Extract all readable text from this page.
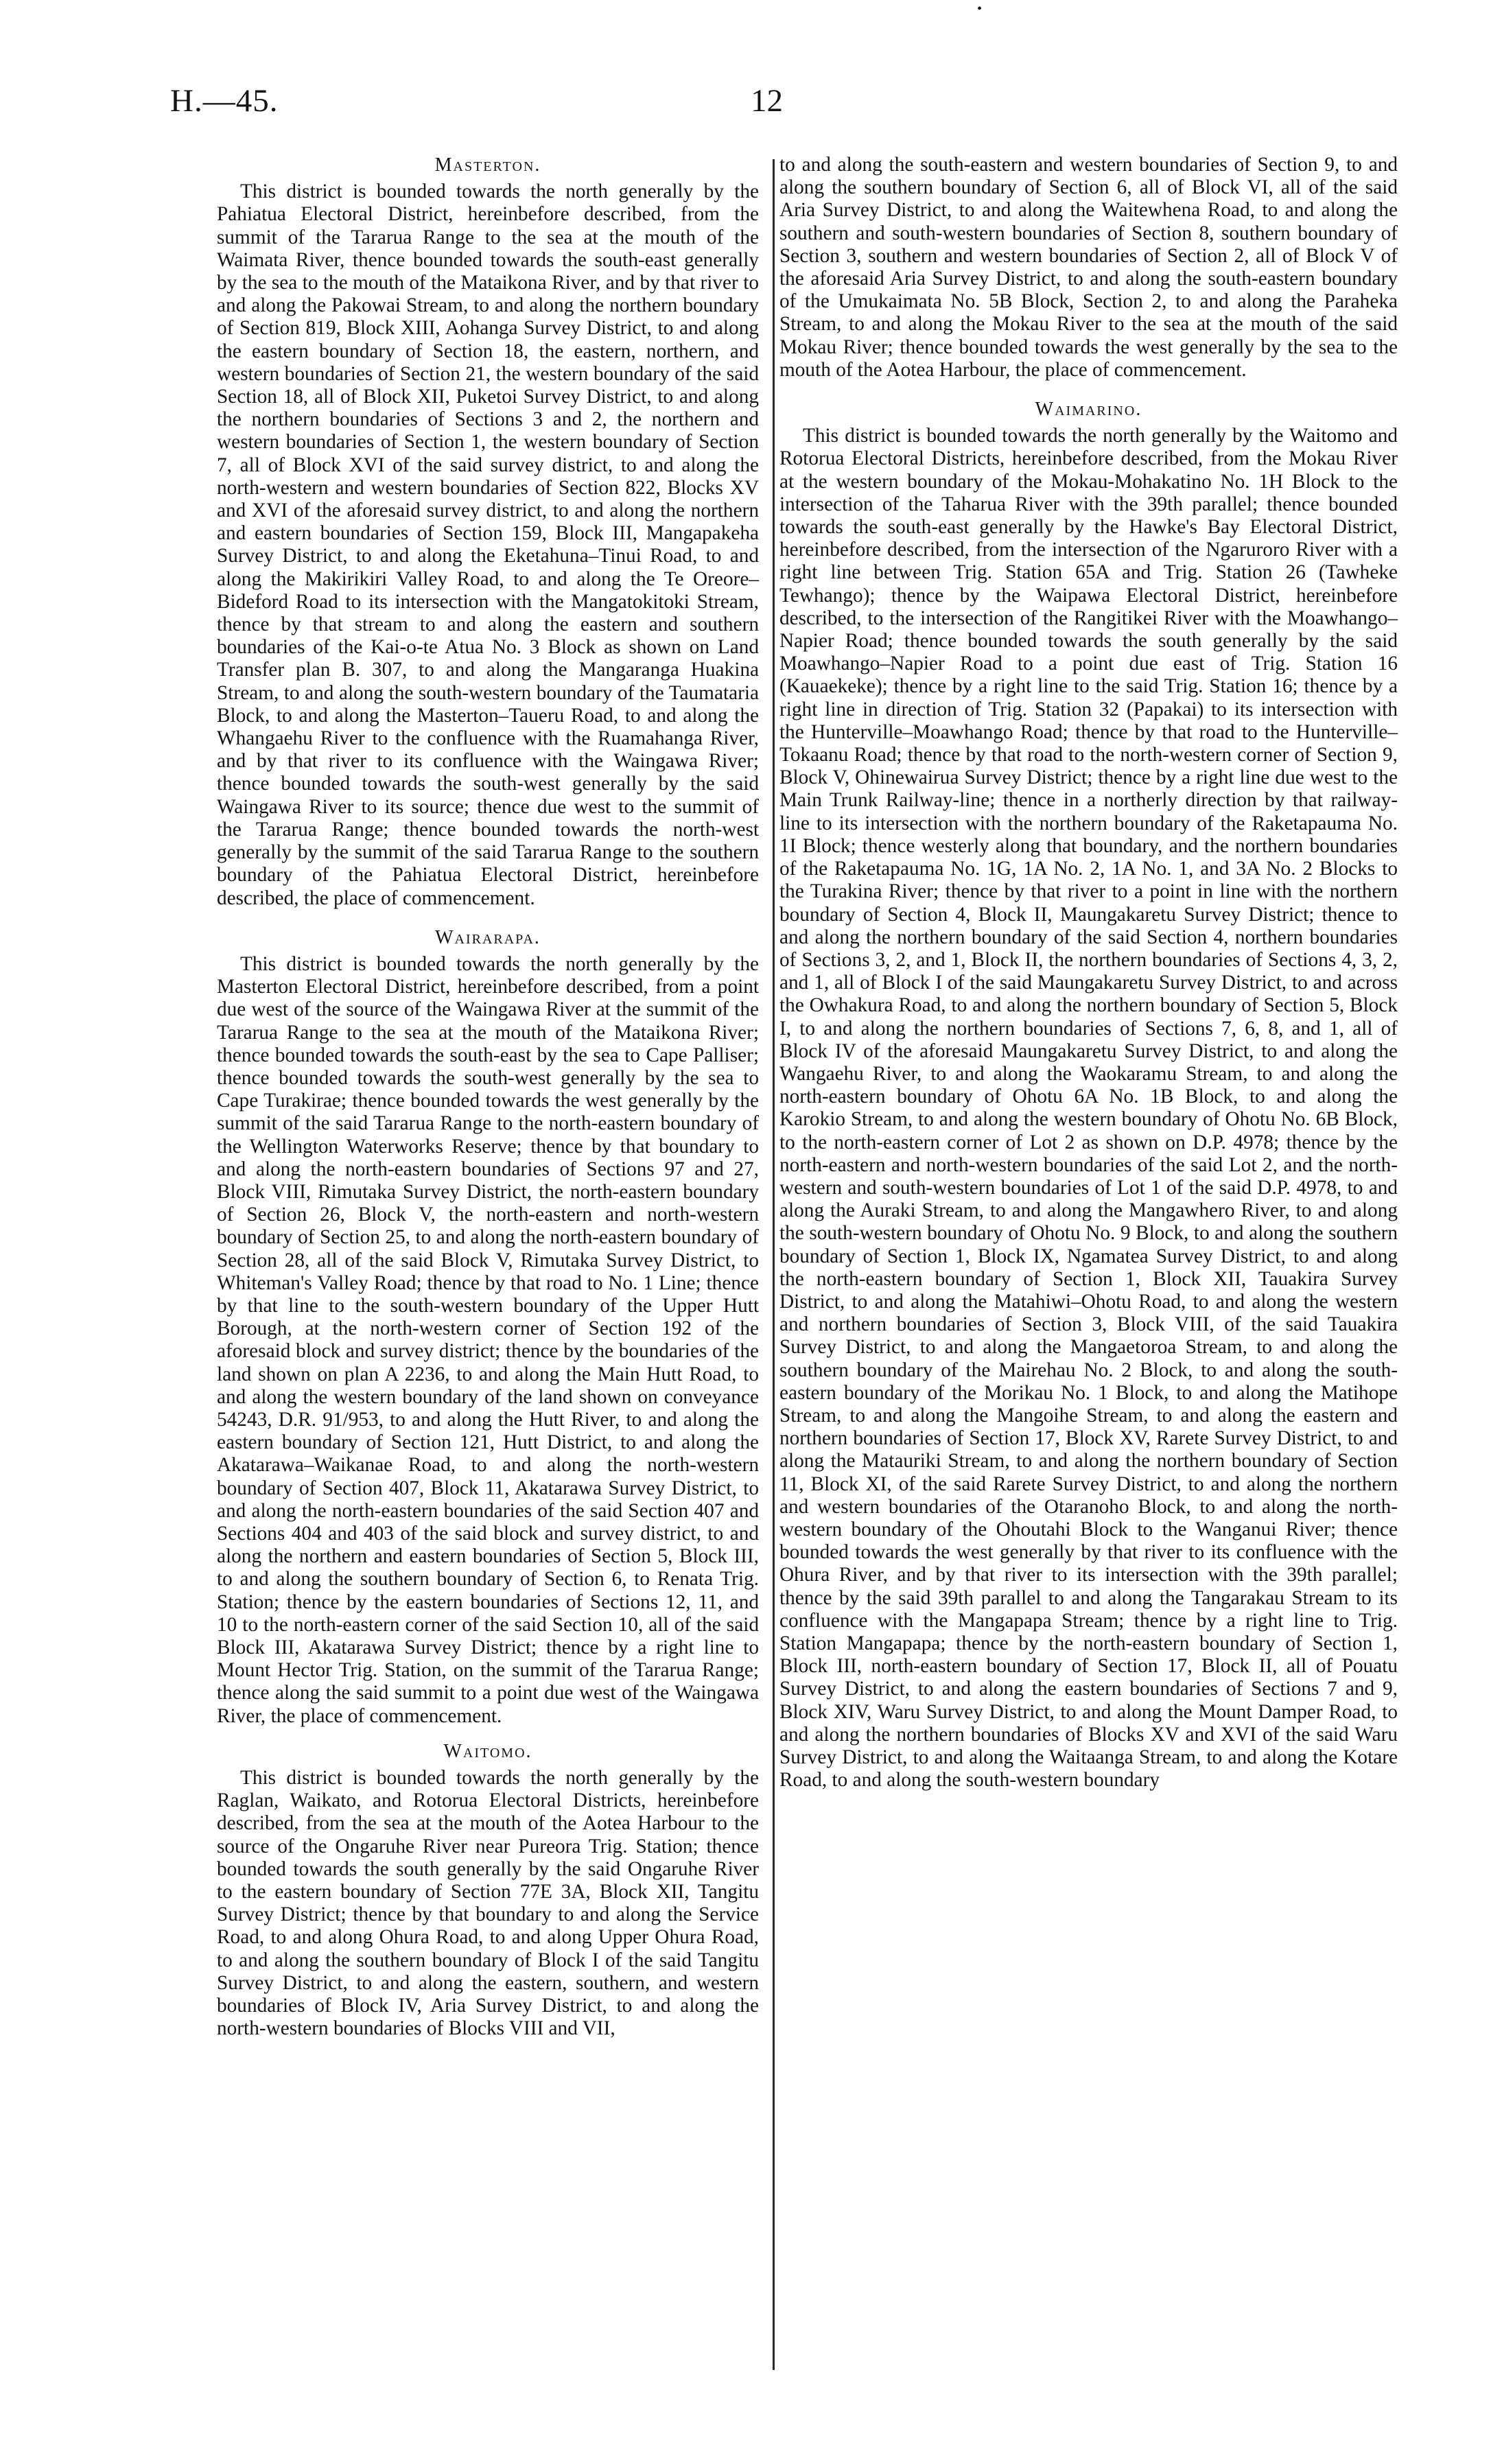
•
H.—45.	12
Masterton.

This district is bounded towards the north generally by the Pahiatua Electoral District, hereinbefore described, from the summit of the Tararua Range to the sea at the mouth of the Waimata River, thence bounded towards the south-east generally by the sea to the mouth of the Mataikona River, and by that river to and along the Pakowai Stream, to and along the northern boundary of Section 819, Block XIII, Aohanga Survey District, to and along the eastern boundary of Section 18, the eastern, northern, and western boundaries of Section 21, the western boundary of the said Section 18, all of Block XII, Puketoi Survey District, to and along the northern boundaries of Sections 3 and 2, the northern and western boundaries of Section 1, the western boundary of Section 7, all of Block XVI of the said survey district, to and along the north-western and western boundaries of Section 822, Blocks XV and XVI of the aforesaid survey district, to and along the northern and eastern boundaries of Section 159, Block III, Mangapakeha Survey District, to and along the Eketahuna–Tinui Road, to and along the Makirikiri Valley Road, to and along the Te Oreore–Bideford Road to its intersection with the Mangatokitoki Stream, thence by that stream to and along the eastern and southern boundaries of the Kai-o-te Atua No. 3 Block as shown on Land Transfer plan B. 307, to and along the Mangaranga Huakina Stream, to and along the south-western boundary of the Taumataria Block, to and along the Masterton–Taueru Road, to and along the Whangaehu River to the confluence with the Ruamahanga River, and by that river to its confluence with the Waingawa River; thence bounded towards the south-west generally by the said Waingawa River to its source; thence due west to the summit of the Tararua Range; thence bounded towards the north-west generally by the summit of the said Tararua Range to the southern boundary of the Pahiatua Electoral District, hereinbefore described, the place of commencement.

Wairarapa.

This district is bounded towards the north generally by the Masterton Electoral District, hereinbefore described, from a point due west of the source of the Waingawa River at the summit of the Tararua Range to the sea at the mouth of the Mataikona River; thence bounded towards the south-east by the sea to Cape Palliser; thence bounded towards the south-west generally by the sea to Cape Turakirae; thence bounded towards the west generally by the summit of the said Tararua Range to the north-eastern boundary of the Wellington Waterworks Reserve; thence by that boundary to and along the north-eastern boundaries of Sections 97 and 27, Block VIII, Rimutaka Survey District, the north-eastern boundary of Section 26, Block V, the north-eastern and north-western boundary of Section 25, to and along the north-eastern boundary of Section 28, all of the said Block V, Rimutaka Survey District, to Whiteman's Valley Road; thence by that road to No. 1 Line; thence by that line to the south-western boundary of the Upper Hutt Borough, at the north-western corner of Section 192 of the aforesaid block and survey district; thence by the boundaries of the land shown on plan A 2236, to and along the Main Hutt Road, to and along the western boundary of the land shown on conveyance 54243, D.R. 91/953, to and along the Hutt River, to and along the eastern boundary of Section 121, Hutt District, to and along the Akatarawa–Waikanae Road, to and along the north-western boundary of Section 407, Block 11, Akatarawa Survey District, to and along the north-eastern boundaries of the said Section 407 and Sections 404 and 403 of the said block and survey district, to and along the northern and eastern boundaries of Section 5, Block III, to and along the southern boundary of Section 6, to Renata Trig. Station; thence by the eastern boundaries of Sections 12, 11, and 10 to the north-eastern corner of the said Section 10, all of the said Block III, Akatarawa Survey District; thence by a right line to Mount Hector Trig. Station, on the summit of the Tararua Range; thence along the said summit to a point due west of the Waingawa River, the place of commencement.

Waitomo.

This district is bounded towards the north generally by the Raglan, Waikato, and Rotorua Electoral Districts, hereinbefore described, from the sea at the mouth of the Aotea Harbour to the source of the Ongaruhe River near Pureora Trig. Station; thence bounded towards the south generally by the said Ongaruhe River to the eastern boundary of Section 77E 3A, Block XII, Tangitu Survey District; thence by that boundary to and along the Service Road, to and along Ohura Road, to and along Upper Ohura Road, to and along the southern boundary of Block I of the said Tangitu Survey District, to and along the eastern, southern, and western boundaries of Block IV, Aria Survey District, to and along the north-western boundaries of Blocks VIII and VII,

to and along the south-eastern and western boundaries of Section 9, to and along the southern boundary of Section 6, all of Block VI, all of the said Aria Survey District, to and along the Waitewhena Road, to and along the southern and south-western boundaries of Section 8, southern boundary of Section 3, southern and western boundaries of Section 2, all of Block V of the aforesaid Aria Survey District, to and along the south-eastern boundary of the Umukaimata No. 5B Block, Section 2, to and along the Paraheka Stream, to and along the Mokau River to the sea at the mouth of the said Mokau River; thence bounded towards the west generally by the sea to the mouth of the Aotea Harbour, the place of commencement.

Waimarino.

This district is bounded towards the north generally by the Waitomo and Rotorua Electoral Districts, hereinbefore described, from the Mokau River at the western boundary of the Mokau-Mohakatino No. 1H Block to the intersection of the Taharua River with the 39th parallel; thence bounded towards the south-east generally by the Hawke's Bay Electoral District, hereinbefore described, from the intersection of the Ngaruroro River with a right line between Trig. Station 65A and Trig. Station 26 (Tawheke Tewhango); thence by the Waipawa Electoral District, hereinbefore described, to the intersection of the Rangitikei River with the Moawhango–Napier Road; thence bounded towards the south generally by the said Moawhango–Napier Road to a point due east of Trig. Station 16 (Kauaekeke); thence by a right line to the said Trig. Station 16; thence by a right line in direction of Trig. Station 32 (Papakai) to its intersection with the Hunterville–Moawhango Road; thence by that road to the Hunterville–Tokaanu Road; thence by that road to the north-western corner of Section 9, Block V, Ohinewairua Survey District; thence by a right line due west to the Main Trunk Railway-line; thence in a northerly direction by that railway-line to its intersection with the northern boundary of the Raketapauma No. 1I Block; thence westerly along that boundary, and the northern boundaries of the Raketapauma No. 1G, 1A No. 2, 1A No. 1, and 3A No. 2 Blocks to the Turakina River; thence by that river to a point in line with the northern boundary of Section 4, Block II, Maungakaretu Survey District; thence to and along the northern boundary of the said Section 4, northern boundaries of Sections 3, 2, and 1, Block II, the northern boundaries of Sections 4, 3, 2, and 1, all of Block I of the said Maungakaretu Survey District, to and across the Owhakura Road, to and along the northern boundary of Section 5, Block I, to and along the northern boundaries of Sections 7, 6, 8, and 1, all of Block IV of the aforesaid Maungakaretu Survey District, to and along the Wangaehu River, to and along the Waokaramu Stream, to and along the north-eastern boundary of Ohotu 6A No. 1B Block, to and along the Karokio Stream, to and along the western boundary of Ohotu No. 6B Block, to the north-eastern corner of Lot 2 as shown on D.P. 4978; thence by the north-eastern and north-western boundaries of the said Lot 2, and the north-western and south-western boundaries of Lot 1 of the said D.P. 4978, to and along the Auraki Stream, to and along the Mangawhero River, to and along the south-western boundary of Ohotu No. 9 Block, to and along the southern boundary of Section 1, Block IX, Ngamatea Survey District, to and along the north-eastern boundary of Section 1, Block XII, Tauakira Survey District, to and along the Matahiwi–Ohotu Road, to and along the western and northern boundaries of Section 3, Block VIII, of the said Tauakira Survey District, to and along the Mangaetoroa Stream, to and along the southern boundary of the Mairehau No. 2 Block, to and along the south-eastern boundary of the Morikau No. 1 Block, to and along the Matihope Stream, to and along the Mangoihe Stream, to and along the eastern and northern boundaries of Section 17, Block XV, Rarete Survey District, to and along the Matauriki Stream, to and along the northern boundary of Section 11, Block XI, of the said Rarete Survey District, to and along the northern and western boundaries of the Otaranoho Block, to and along the north-western boundary of the Ohoutahi Block to the Wanganui River; thence bounded towards the west generally by that river to its confluence with the Ohura River, and by that river to its intersection with the 39th parallel; thence by the said 39th parallel to and along the Tangarakau Stream to its confluence with the Mangapapa Stream; thence by a right line to Trig. Station Mangapapa; thence by the north-eastern boundary of Section 1, Block III, north-eastern boundary of Section 17, Block II, all of Pouatu Survey District, to and along the eastern boundaries of Sections 7 and 9, Block XIV, Waru Survey District, to and along the Mount Damper Road, to and along the northern boundaries of Blocks XV and XVI of the said Waru Survey District, to and along the Waitaanga Stream, to and along the Kotare Road, to and along the south-western boundary
